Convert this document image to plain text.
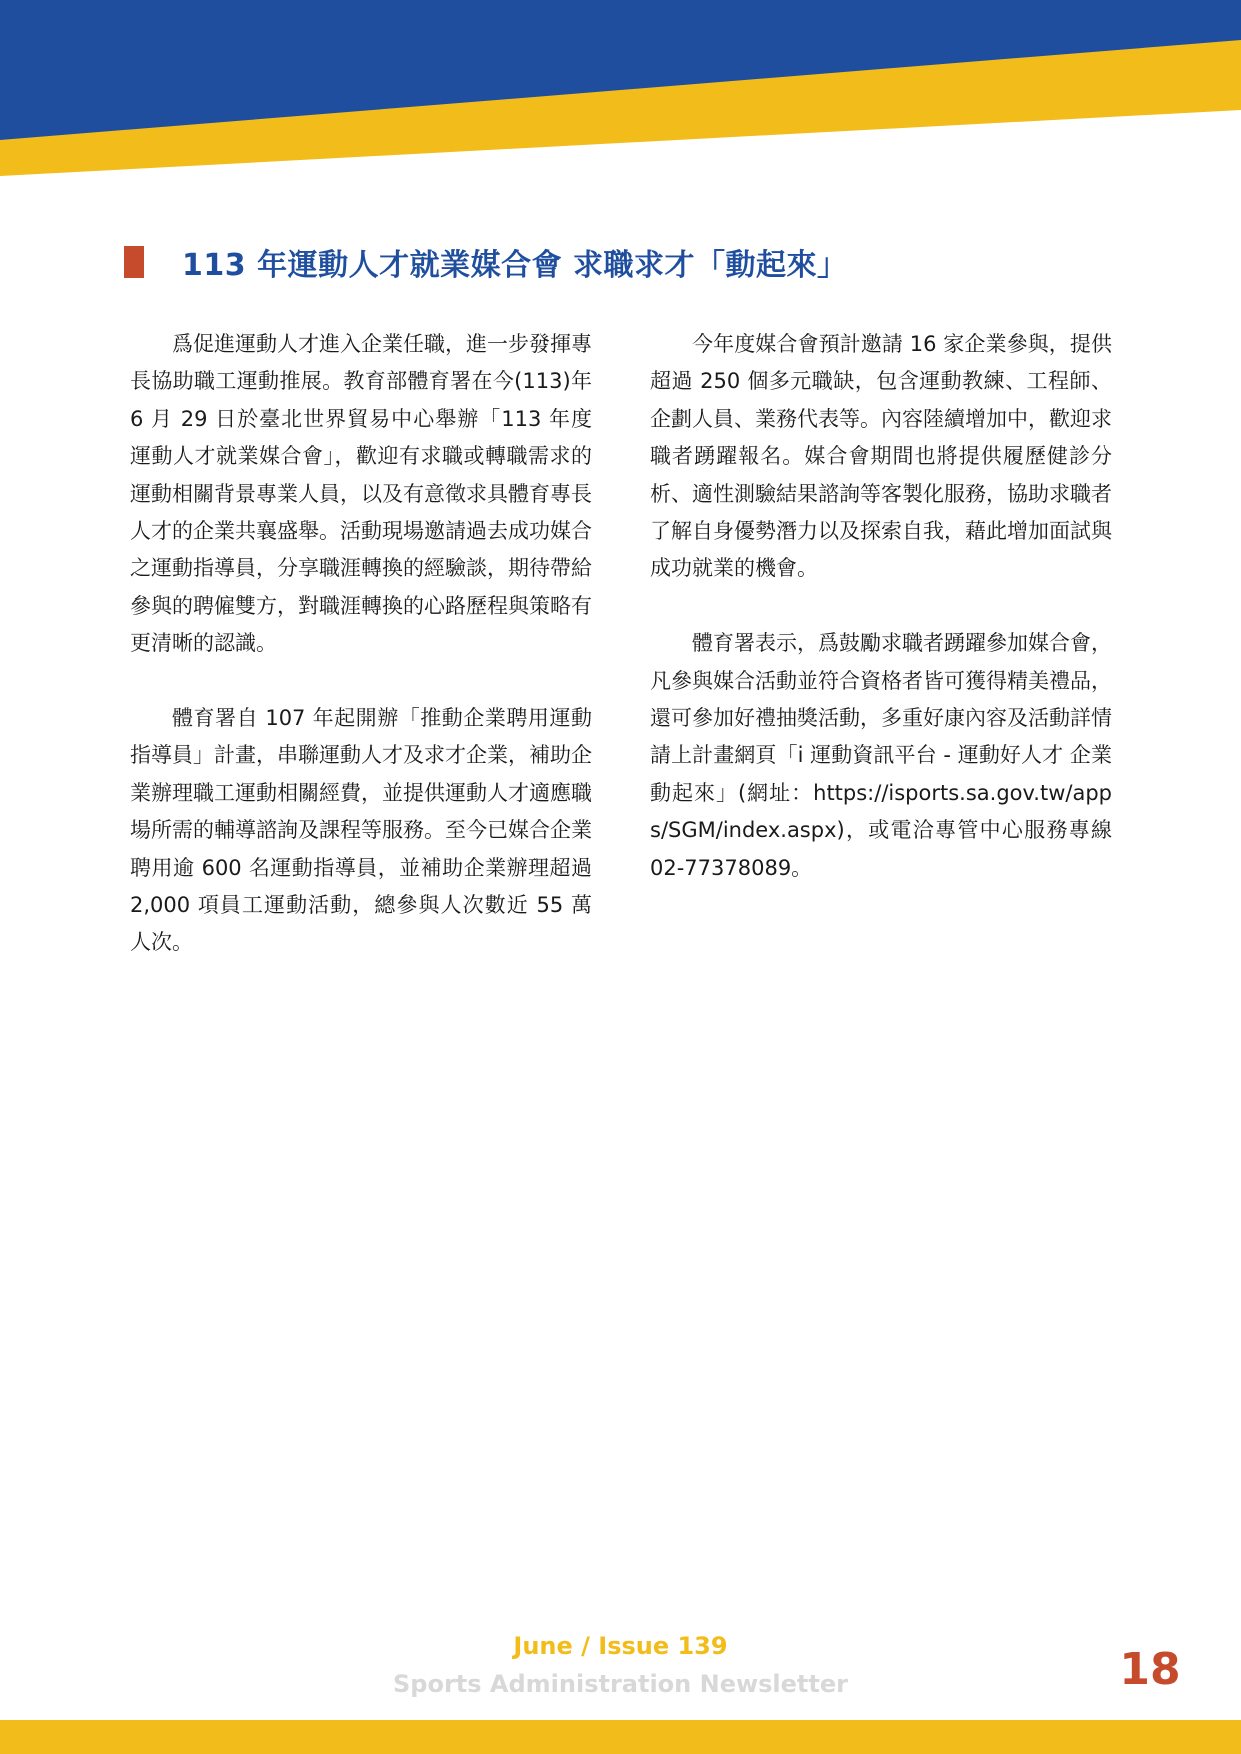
113 年運動人才就業媒合會 求職求才「動起來」

爲促進運動人才進入企業任職，進一步發揮專長協助職工運動推展。教育部體育署在今(113)年 6 月 29 日於臺北世界貿易中心舉辦「113 年度運動人才就業媒合會」，歡迎有求職或轉職需求的運動相關背景專業人員，以及有意徵求具體育專長人才的企業共襄盛舉。活動現場邀請過去成功媒合之運動指導員，分享職涯轉換的經驗談，期待帶給參與的聘僱雙方，對職涯轉換的心路歷程與策略有更清晰的認識。

體育署自 107 年起開辦「推動企業聘用運動指導員」計畫，串聯運動人才及求才企業，補助企業辦理職工運動相關經費，並提供運動人才適應職場所需的輔導諮詢及課程等服務。至今已媒合企業聘用逾 600 名運動指導員，並補助企業辦理超過 2,000 項員工運動活動，總參與人次數近 55 萬人次。

今年度媒合會預計邀請 16 家企業參與，提供超過 250 個多元職缺，包含運動教練、工程師、企劃人員、業務代表等。內容陸續增加中，歡迎求職者踴躍報名。媒合會期間也將提供履歷健診分析、適性測驗結果諮詢等客製化服務，協助求職者了解自身優勢潛力以及探索自我，藉此增加面試與成功就業的機會。

體育署表示，爲鼓勵求職者踴躍參加媒合會，凡參與媒合活動並符合資格者皆可獲得精美禮品，還可參加好禮抽獎活動，多重好康內容及活動詳情請上計畫網頁「i 運動資訊平台 - 運動好人才 企業動起來」(網址：https://isports.sa.gov.tw/apps/SGM/index.aspx)，或電洽專管中心服務專線 02-77378089。

June / Issue 139
Sports Administration Newsletter	18
